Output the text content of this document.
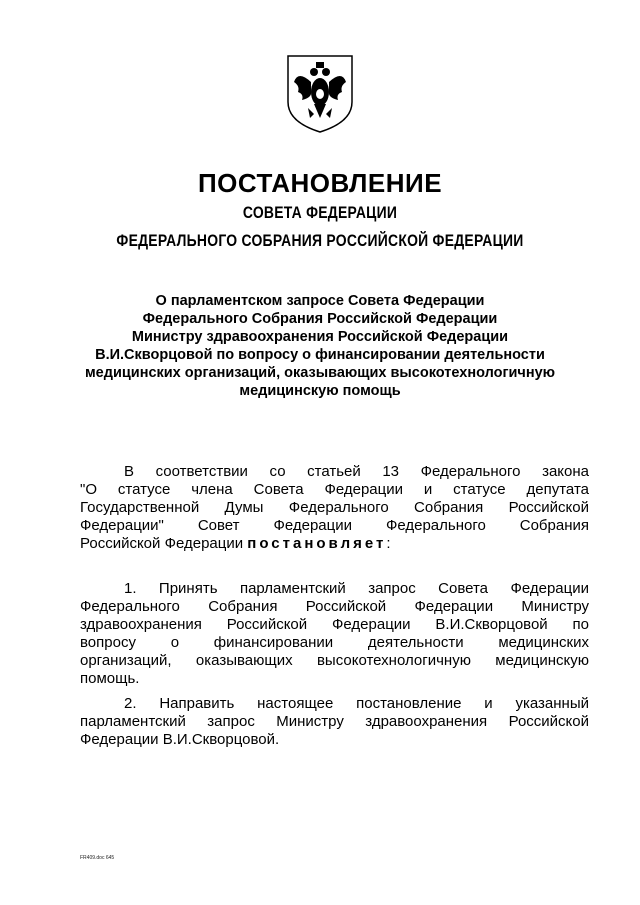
ПОСТАНОВЛЕНИЕ
СОВЕТА ФЕДЕРАЦИИ
ФЕДЕРАЛЬНОГО СОБРАНИЯ РОССИЙСКОЙ ФЕДЕРАЦИИ
О парламентском запросе Совета Федерации
Федерального Собрания Российской Федерации
Министру здравоохранения Российской Федерации
В.И.Скворцовой по вопросу о финансировании деятельности
медицинских организаций, оказывающих высокотехнологичную
медицинскую помощь
В соответствии со статьей 13 Федерального закона
"О статусе члена Совета Федерации и статусе депутата
Государственной Думы Федерального Собрания Российской
Федерации" Совет Федерации Федерального Собрания
Российской Федерации постановляет:
1. Принять парламентский запрос Совета Федерации
Федерального Собрания Российской Федерации Министру
здравоохранения Российской Федерации В.И.Скворцовой по
вопросу о финансировании деятельности медицинских
организаций, оказывающих высокотехнологичную медицинскую
помощь.
2. Направить настоящее постановление и указанный
парламентский запрос Министру здравоохранения Российской
Федерации В.И.Скворцовой.
FR409.doc 645
